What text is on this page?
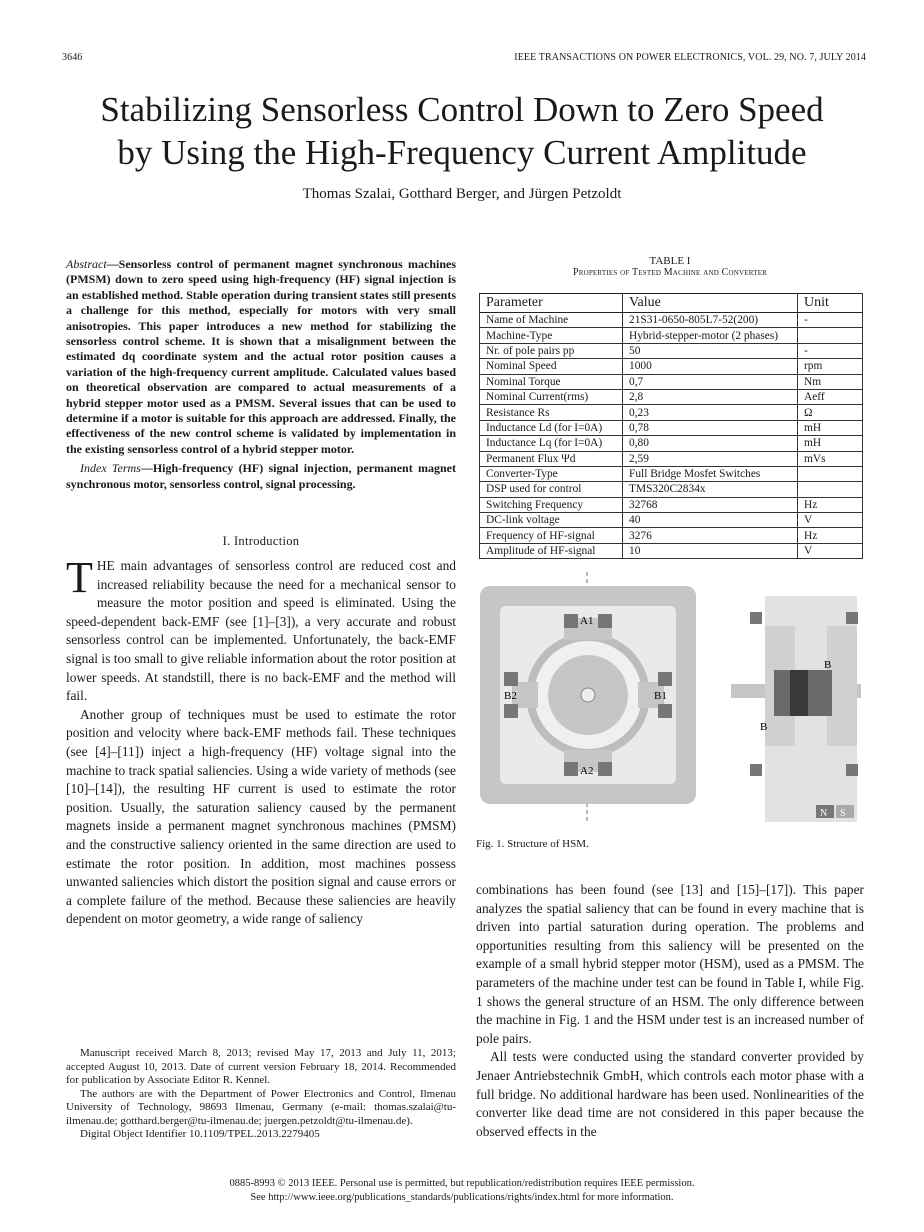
3646	IEEE TRANSACTIONS ON POWER ELECTRONICS, VOL. 29, NO. 7, JULY 2014
Stabilizing Sensorless Control Down to Zero Speed
by Using the High-Frequency Current Amplitude
Thomas Szalai, Gotthard Berger, and Jürgen Petzoldt
Abstract—Sensorless control of permanent magnet synchronous machines (PMSM) down to zero speed using high-frequency (HF) signal injection is an established method. Stable operation during transient states still presents a challenge for this method, especially for motors with very small anisotropies. This paper introduces a new method for stabilizing the sensorless control scheme. It is shown that a misalignment between the estimated dq coordinate system and the actual rotor position causes a variation of the high-frequency current amplitude. Calculated values based on theoretical observation are compared to actual measurements of a hybrid stepper motor used as a PMSM. Several issues that can be used to determine if a motor is suitable for this approach are addressed. Finally, the effectiveness of the new control scheme is validated by implementation in the existing sensorless control of a hybrid stepper motor.
Index Terms—High-frequency (HF) signal injection, permanent magnet synchronous motor, sensorless control, signal processing.
I. Introduction
THE main advantages of sensorless control are reduced cost and increased reliability because the need for a mechanical sensor to measure the motor position and speed is eliminated. Using the speed-dependent back-EMF (see [1]–[3]), a very accurate and robust sensorless control can be implemented. Unfortunately, the back-EMF signal is too small to give reliable information about the rotor position at lower speeds. At standstill, there is no back-EMF and the method will fail.
Another group of techniques must be used to estimate the rotor position and velocity where back-EMF methods fail. These techniques (see [4]–[11]) inject a high-frequency (HF) voltage signal into the machine to track spatial saliencies. Using a wide variety of methods (see [10]–[14]), the resulting HF current is used to estimate the rotor position. Usually, the saturation saliency caused by the permanent magnets inside a permanent magnet synchronous machines (PMSM) and the constructive saliency oriented in the same direction are used to estimate the rotor position. In addition, most machines possess unwanted saliencies which distort the position signal and cause errors or a complete failure of the method. Because these saliencies are heavily dependent on motor geometry, a wide range of saliency
Manuscript received March 8, 2013; revised May 17, 2013 and July 11, 2013; accepted August 10, 2013. Date of current version February 18, 2014. Recommended for publication by Associate Editor R. Kennel.
The authors are with the Department of Power Electronics and Control, Ilmenau University of Technology, 98693 Ilmenau, Germany (e-mail: thomas.szalai@tu-ilmenau.de; gotthard.berger@tu-ilmenau.de; juergen.petzoldt@tu-ilmenau.de).
Digital Object Identifier 10.1109/TPEL.2013.2279405
TABLE I
Properties of Tested Machine and Converter
Parameter	Value	Unit
Name of Machine	21S31-0650-805L7-52(200)	-
Machine-Type	Hybrid-stepper-motor (2 phases)	
Nr. of pole pairs pp	50	-
Nominal Speed	1000	rpm
Nominal Torque	0,7	Nm
Nominal Current(rms)	2,8	Aeff
Resistance Rs	0,23	Ω
Inductance Ld (for I=0A)	0,78	mH
Inductance Lq (for I=0A)	0,80	mH
Permanent Flux Ψd	2,59	mVs
Converter-Type	Full Bridge Mosfet Switches	
DSP used for control	TMS320C2834x	
Switching Frequency	32768	Hz
DC-link voltage	40	V
Frequency of HF-signal	3276	Hz
Amplitude of HF-signal	10	V
A1
A2
B1
B2
B
B
N S
Fig. 1. Structure of HSM.
combinations has been found (see [13] and [15]–[17]). This paper analyzes the spatial saliency that can be found in every machine that is driven into partial saturation during operation. The problems and opportunities resulting from this saliency will be presented on the example of a small hybrid stepper motor (HSM), used as a PMSM. The parameters of the machine under test can be found in Table I, while Fig. 1 shows the general structure of an HSM. The only difference between the machine in Fig. 1 and the HSM under test is an increased number of pole pairs.
All tests were conducted using the standard converter provided by Jenaer Antriebstechnik GmbH, which controls each motor phase with a full bridge. No additional hardware has been used. Nonlinearities of the converter like dead time are not considered in this paper because the observed effects in the
0885-8993 © 2013 IEEE. Personal use is permitted, but republication/redistribution requires IEEE permission.
See http://www.ieee.org/publications_standards/publications/rights/index.html for more information.
